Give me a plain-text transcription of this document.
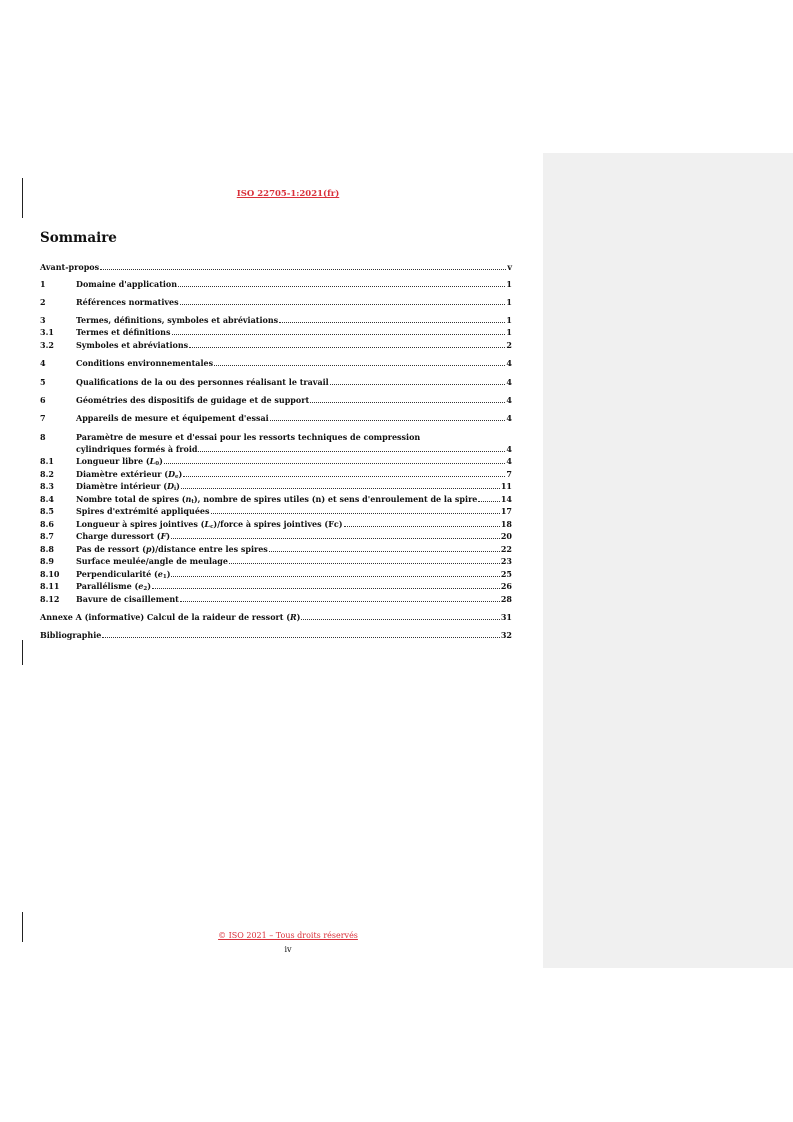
ISO 22705-1:2021(fr)
Sommaire
Avant-propos	v
1	Domaine d'application	1
2	Références normatives	1
3	Termes, définitions, symboles et abréviations	1
3.1	Termes et définitions	1
3.2	Symboles et abréviations	2
4	Conditions environnementales	4
5	Qualifications de la ou des personnes réalisant le travail	4
6	Géométries des dispositifs de guidage et de support	4
7	Appareils de mesure et équipement d'essai	4
8	Paramètre de mesure et d'essai pour les ressorts techniques de compression
cylindriques formés à froid	4
8.1	Longueur libre $(L_0)$	4
8.2	Diamètre extérieur $(D_e)$	7
8.3	Diamètre intérieur $(D_i)$	11
8.4	Nombre total de spires $(n_t)$, nombre de spires utiles (n) et sens d'enroulement de la spire	14
8.5	Spires d'extrémité appliquées	17
8.6	Longueur à spires jointives $(L_c)$/force à spires jointives (Fc)	18
8.7	Charge duressort (F)	20
8.8	Pas de ressort (p)/distance entre les spires	22
8.9	Surface meulée/angle de meulage	23
8.10	Perpendicularité $(e_1)$	25
8.11	Parallélisme $(e_2)$	26
8.12	Bavure de cisaillement	28
Annexe A (informative) Calcul de la raideur de ressort (R)	31
Bibliographie	32
© ISO 2021 – Tous droits réservés
iv
